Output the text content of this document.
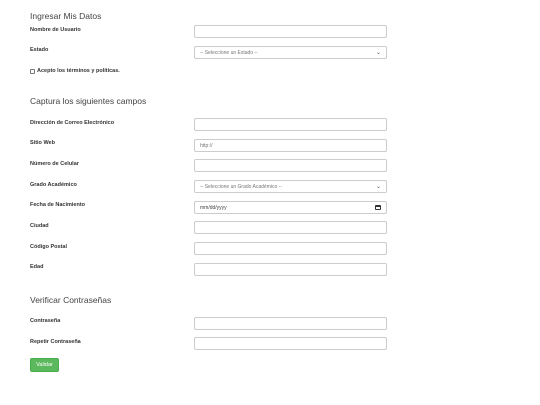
Ingresar Mis Datos
Nombre de Usuario
Estado	-- Seleccione un Estado --	⌄
Acepto los términos y políticas.
Captura los siguientes campos
Dirección de Correo Electrónico
Sitio Web	http://
Número de Celular
Grado Académico	-- Seleccione un Grado Académico --	⌄
Fecha de Nacimiento	mm/dd/yyyy
Ciudad
Código Postal
Edad
Verificar Contraseñas
Contraseña
Repetir Contraseña
Validar
